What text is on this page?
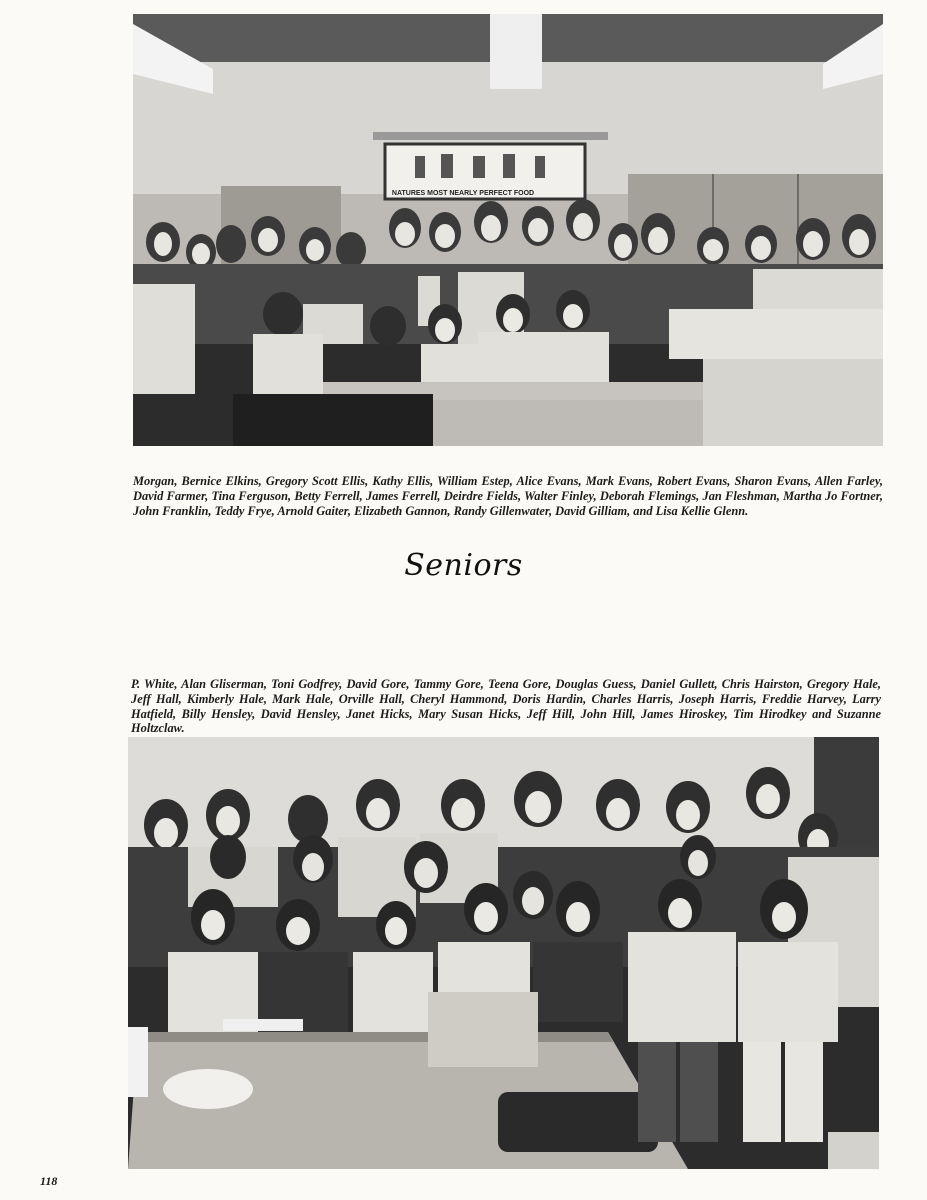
NATURES MOST NEARLY PERFECT FOOD

Morgan, Bernice Elkins, Gregory Scott Ellis, Kathy Ellis, William Estep, Alice Evans, Mark Evans, Robert Evans, Sharon Evans, Allen Farley, David Farmer, Tina Ferguson, Betty Ferrell, James Ferrell, Deirdre Fields, Walter Finley, Deborah Flemings, Jan Fleshman, Martha Jo Fortner, John Franklin, Teddy Frye, Arnold Gaiter, Elizabeth Gannon, Randy Gillenwater, David Gilliam, and Lisa Kellie Glenn.

Seniors

P. White, Alan Gliserman, Toni Godfrey, David Gore, Tammy Gore, Teena Gore, Douglas Guess, Daniel Gullett, Chris Hairston, Gregory Hale, Jeff Hall, Kimberly Hale, Mark Hale, Orville Hall, Cheryl Hammond, Doris Hardin, Charles Harris, Joseph Harris, Freddie Harvey, Larry Hatfield, Billy Hensley, David Hensley, Janet Hicks, Mary Susan Hicks, Jeff Hill, John Hill, James Hiroskey, Tim Hirodkey and Suzanne Holtzclaw.

118
